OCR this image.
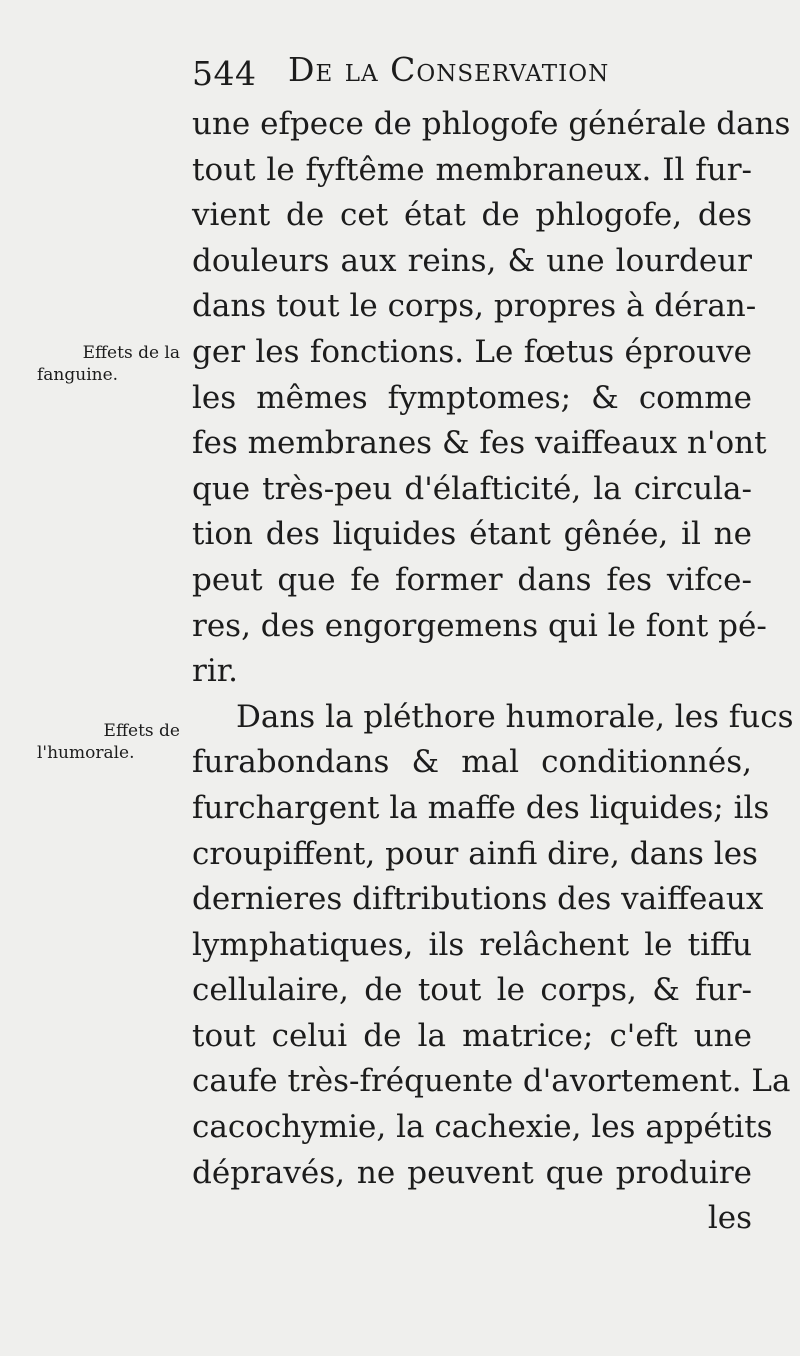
544 De la Conservation
Effets de la
fanguine.
Effets de
l'humorale.
une efpece de phlogofe générale dans
tout le fyftême membraneux. Il fur-
vient de cet état de phlogofe, des
douleurs aux reins, & une lourdeur
dans tout le corps, propres à déran-
ger les fonctions. Le fœtus éprouve
les mêmes fymptomes; & comme
fes membranes & fes vaiffeaux n'ont
que très-peu d'élafticité, la circula-
tion des liquides étant gênée, il ne
peut que fe former dans fes vifce-
res, des engorgemens qui le font pé-
rir.
Dans la pléthore humorale, les fucs
furabondans & mal conditionnés,
furchargent la maffe des liquides; ils
croupiffent, pour ainfi dire, dans les
dernieres diftributions des vaiffeaux
lymphatiques, ils relâchent le tiffu
cellulaire, de tout le corps, & fur-
tout celui de la matrice; c'eft une
caufe très-fréquente d'avortement. La
cacochymie, la cachexie, les appétits
dépravés, ne peuvent que produire
les
